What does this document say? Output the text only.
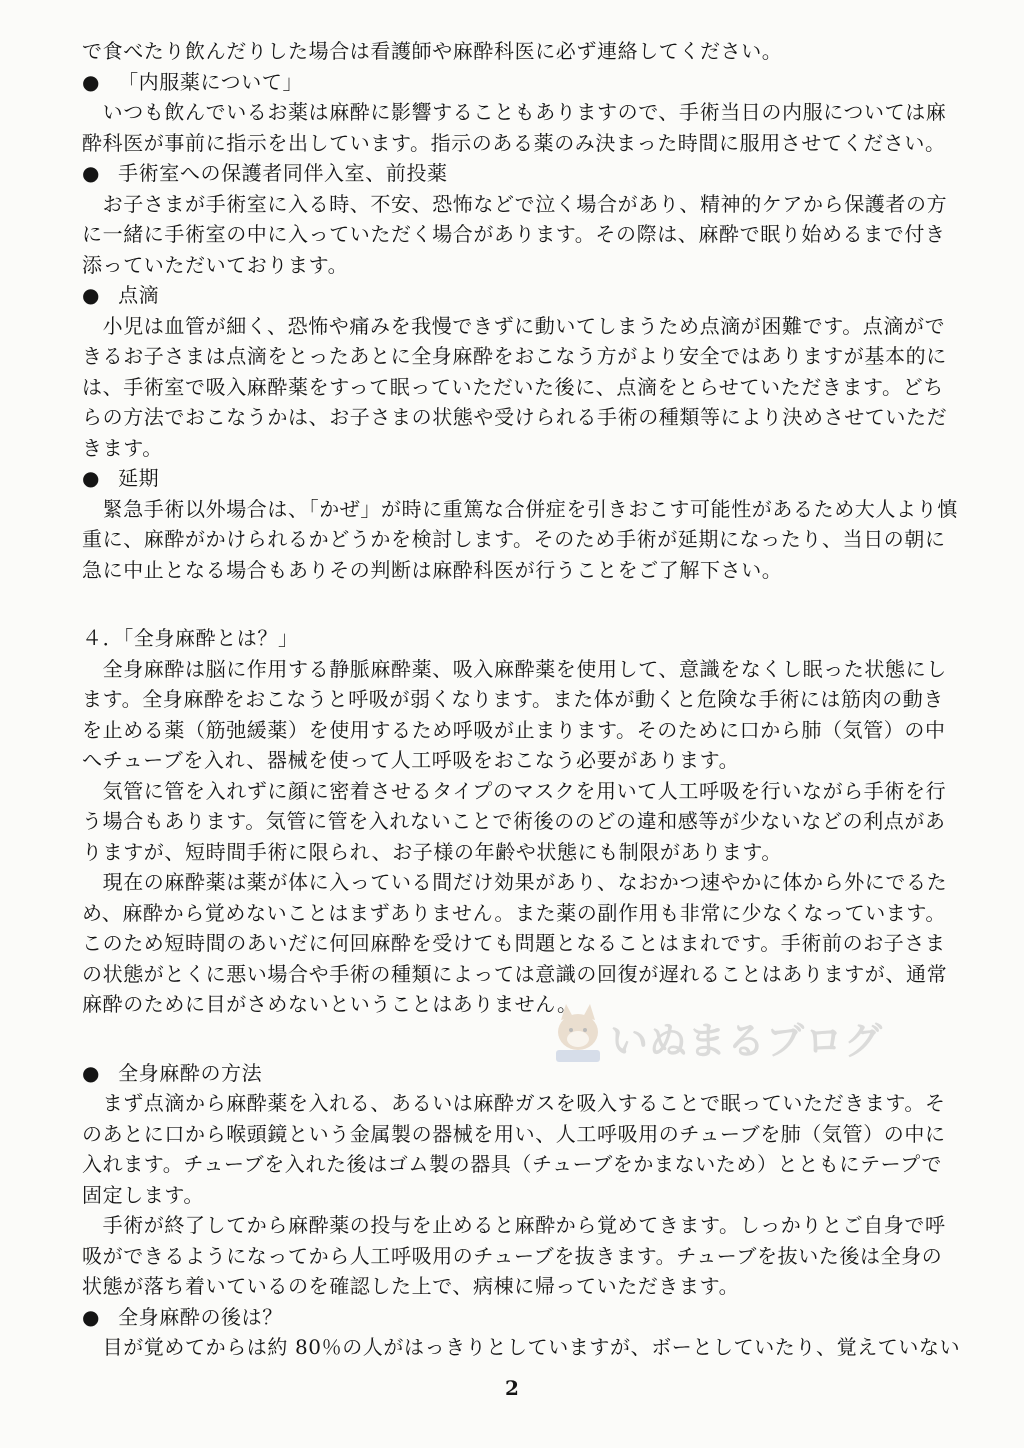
で食べたり飲んだりした場合は看護師や麻酔科医に必ず連絡してください。

● 「内服薬について」

　いつも飲んでいるお薬は麻酔に影響することもありますので、手術当日の内服については麻

酔科医が事前に指示を出しています。指示のある薬のみ決まった時間に服用させてください。

● 手術室への保護者同伴入室、前投薬

　お子さまが手術室に入る時、不安、恐怖などで泣く場合があり、精神的ケアから保護者の方

に一緒に手術室の中に入っていただく場合があります。その際は、麻酔で眠り始めるまで付き

添っていただいております。

● 点滴

　小児は血管が細く、恐怖や痛みを我慢できずに動いてしまうため点滴が困難です。点滴がで

きるお子さまは点滴をとったあとに全身麻酔をおこなう方がより安全ではありますが基本的に

は、手術室で吸入麻酔薬をすって眠っていただいた後に、点滴をとらせていただきます。どち

らの方法でおこなうかは、お子さまの状態や受けられる手術の種類等により決めさせていただ

きます。

● 延期

　緊急手術以外場合は、「かぜ」が時に重篤な合併症を引きおこす可能性があるため大人より慎

重に、麻酔がかけられるかどうかを検討します。そのため手術が延期になったり、当日の朝に

急に中止となる場合もありその判断は麻酔科医が行うことをご了解下さい。

４．「全身麻酔とは？」

　全身麻酔は脳に作用する静脈麻酔薬、吸入麻酔薬を使用して、意識をなくし眠った状態にし

ます。全身麻酔をおこなうと呼吸が弱くなります。また体が動くと危険な手術には筋肉の動き

を止める薬（筋弛緩薬）を使用するため呼吸が止まります。そのために口から肺（気管）の中

へチューブを入れ、器械を使って人工呼吸をおこなう必要があります。

　気管に管を入れずに顔に密着させるタイプのマスクを用いて人工呼吸を行いながら手術を行

う場合もあります。気管に管を入れないことで術後ののどの違和感等が少ないなどの利点があ

りますが、短時間手術に限られ、お子様の年齢や状態にも制限があります。

　現在の麻酔薬は薬が体に入っている間だけ効果があり、なおかつ速やかに体から外にでるた

め、麻酔から覚めないことはまずありません。また薬の副作用も非常に少なくなっています。

このため短時間のあいだに何回麻酔を受けても問題となることはまれです。手術前のお子さま

の状態がとくに悪い場合や手術の種類によっては意識の回復が遅れることはありますが、通常

麻酔のために目がさめないということはありません。

● 全身麻酔の方法

　まず点滴から麻酔薬を入れる、あるいは麻酔ガスを吸入することで眠っていただきます。そ

のあとに口から喉頭鏡という金属製の器械を用い、人工呼吸用のチューブを肺（気管）の中に

入れます。チューブを入れた後はゴム製の器具（チューブをかまないため）とともにテープで

固定します。

　手術が終了してから麻酔薬の投与を止めると麻酔から覚めてきます。しっかりとご自身で呼

吸ができるようになってから人工呼吸用のチューブを抜きます。チューブを抜いた後は全身の

状態が落ち着いているのを確認した上で、病棟に帰っていただきます。

● 全身麻酔の後は？

　目が覚めてからは約 80％の人がはっきりとしていますが、ボーとしていたり、覚えていない

いぬまるブログ
2
